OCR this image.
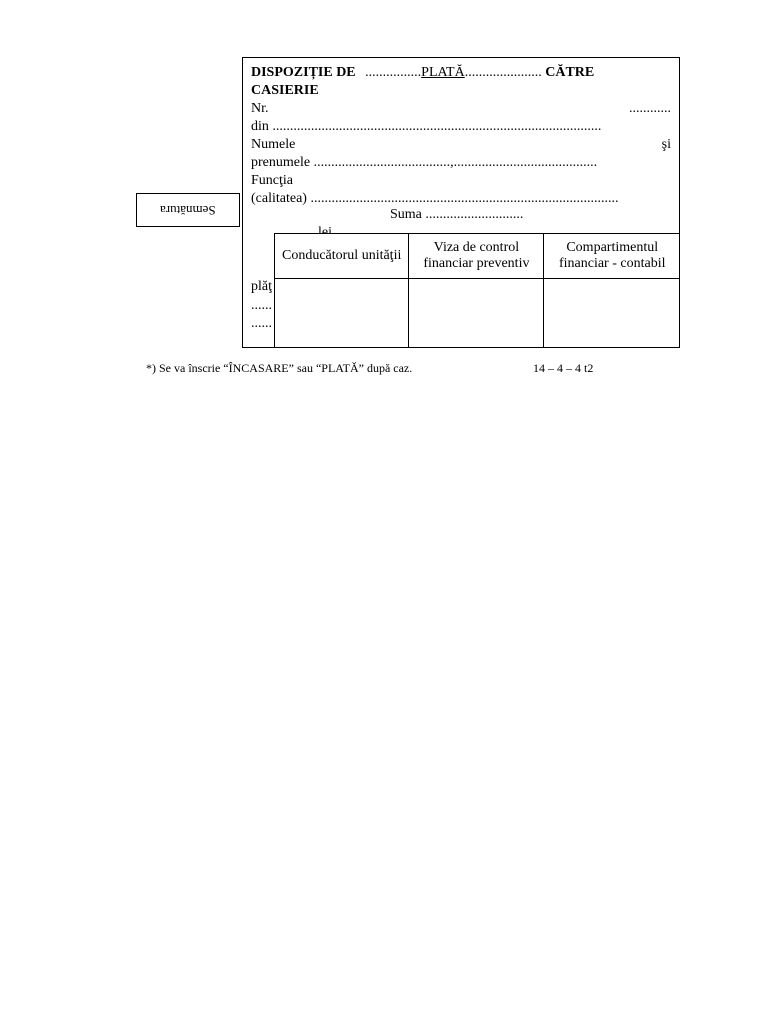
DISPOZIȚIE DE ................PLATĂ...................... CĂTRE
CASIERIE
Nr.	............
din ..............................................................................................
Numele	şi
prenumele .......................................,.........................................
Funcţia
(calitatea) ........................................................................................
Suma ............................
plăţ
......
......
Conducătorul unităţii	Viza de control financiar preventiv	Compartimentul financiar - contabil

Semnătura
*) Se va înscrie “ÎNCASARE” sau “PLATĂ” după caz.	14 – 4 – 4 t2
